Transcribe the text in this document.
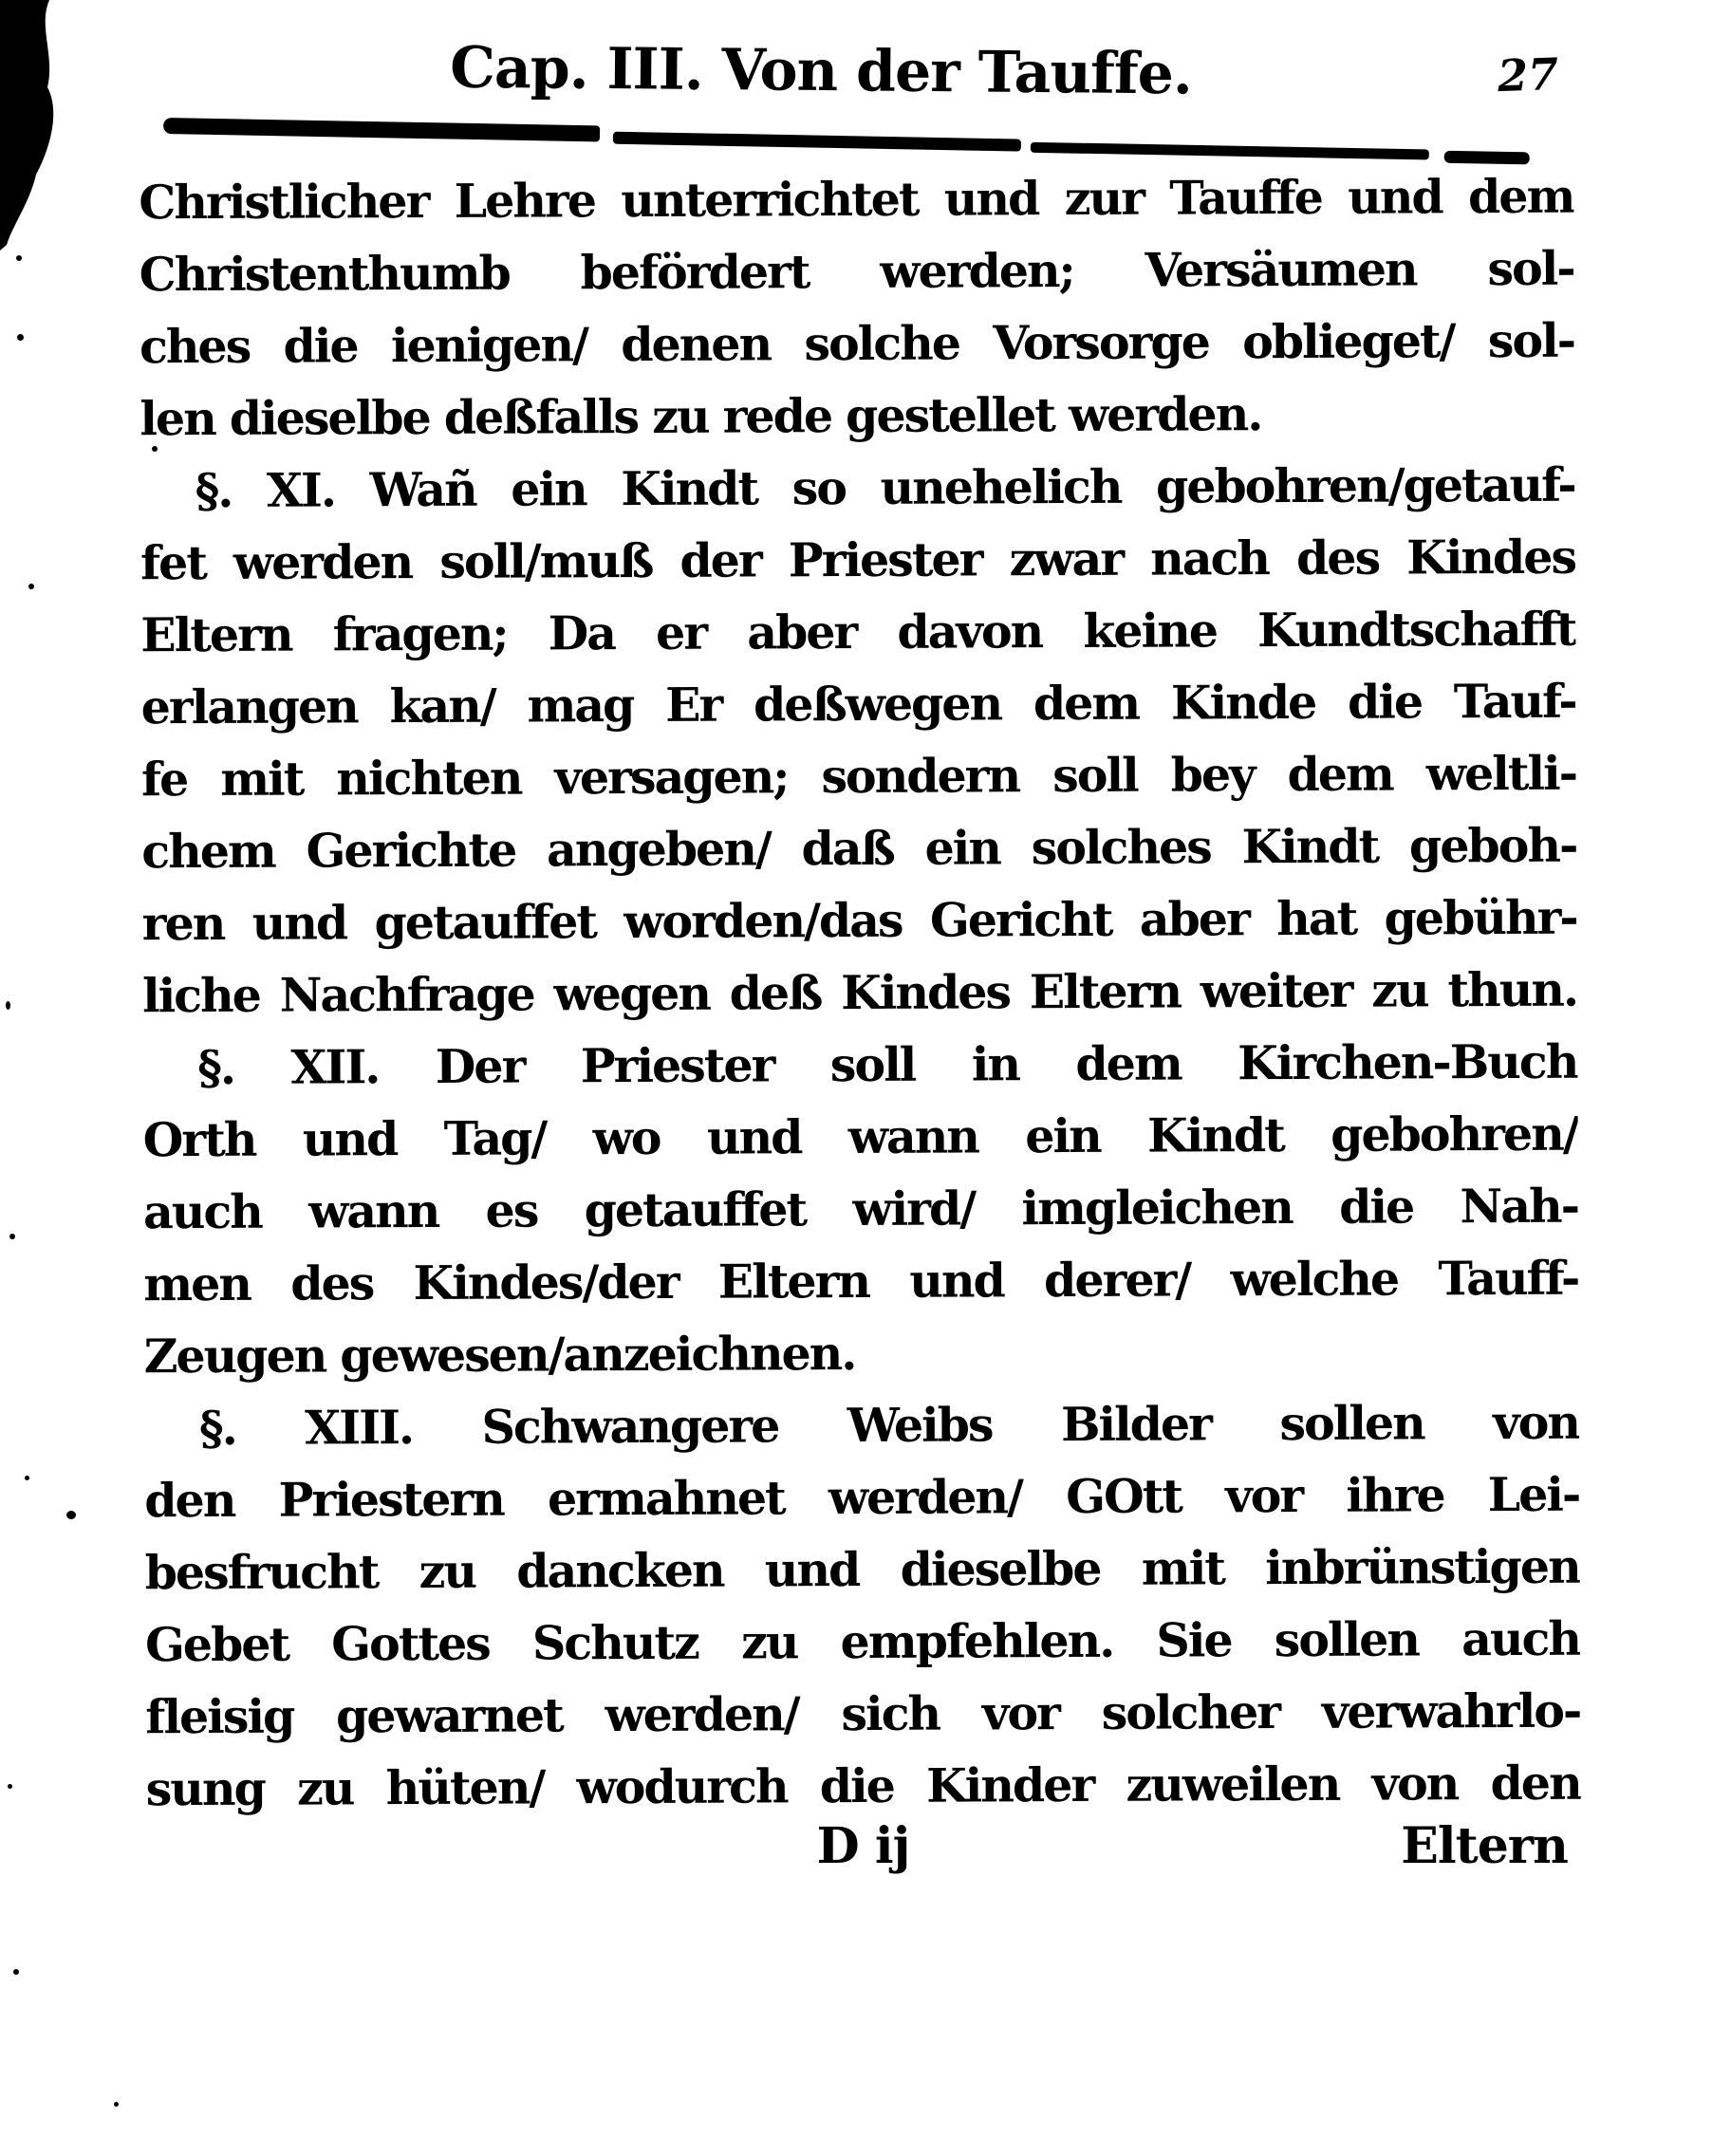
Cap. III. Von der Tauffe.	27
Christlicher Lehre unterrichtet und zur Tauffe und dem
Christenthumb befördert werden; Versäumen sol-
ches die ienigen/ denen solche Vorsorge oblieget/ sol-
len dieselbe deßfalls zu rede gestellet werden.
§. XI. Wañ ein Kindt so unehelich gebohren/getauf-
fet werden soll/muß der Priester zwar nach des Kindes
Eltern fragen; Da er aber davon keine Kundtschafft
erlangen kan/ mag Er deßwegen dem Kinde die Tauf-
fe mit nichten versagen; sondern soll bey dem weltli-
chem Gerichte angeben/ daß ein solches Kindt geboh-
ren und getauffet worden/das Gericht aber hat gebühr-
liche Nachfrage wegen deß Kindes Eltern weiter zu thun.
§. XII. Der Priester soll in dem Kirchen-Buch
Orth und Tag/ wo und wann ein Kindt gebohren/
auch wann es getauffet wird/ imgleichen die Nah-
men des Kindes/der Eltern und derer/ welche Tauff-
Zeugen gewesen/anzeichnen.
§. XIII. Schwangere Weibs Bilder sollen von
den Priestern ermahnet werden/ GOtt vor ihre Lei-
besfrucht zu dancken und dieselbe mit inbrünstigen
Gebet Gottes Schutz zu empfehlen. Sie sollen auch
fleisig gewarnet werden/ sich vor solcher verwahrlo-
sung zu hüten/ wodurch die Kinder zuweilen von den
D ij	Eltern
